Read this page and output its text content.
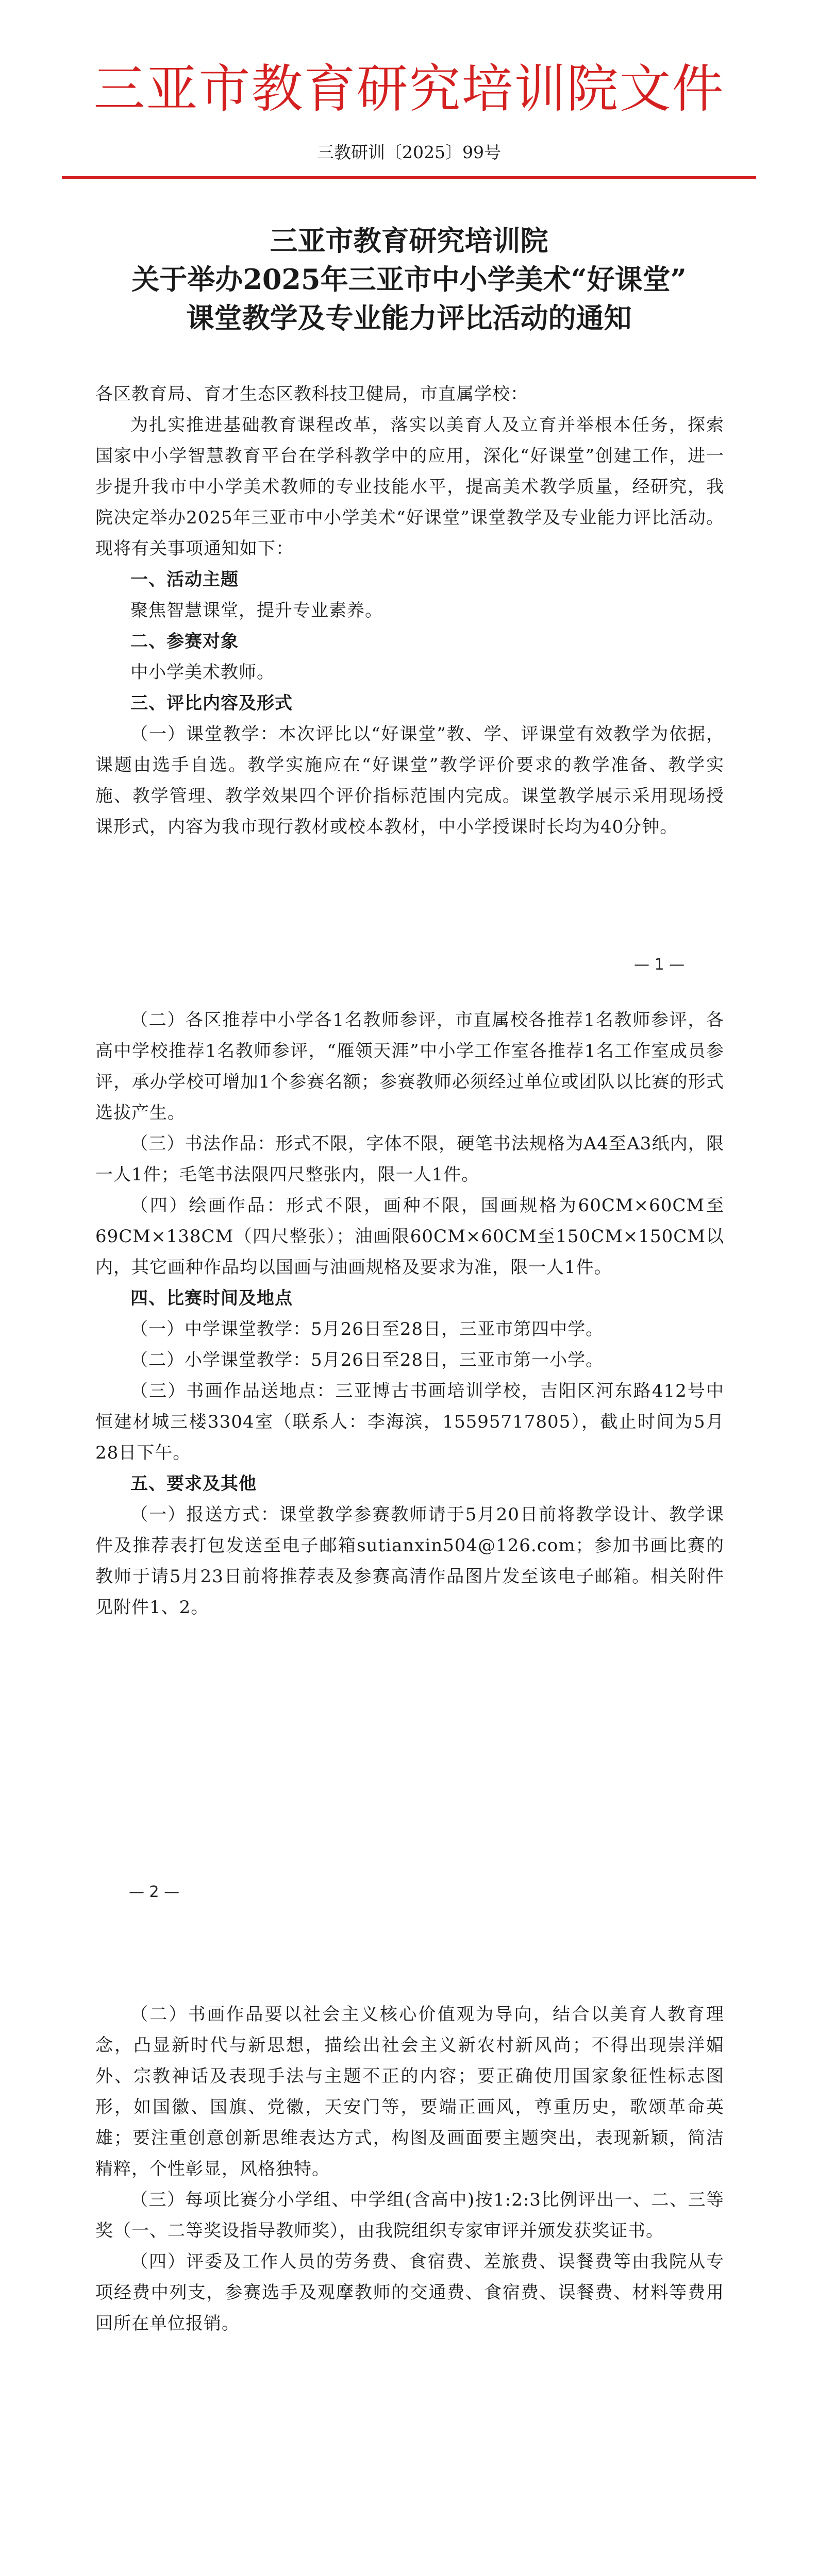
三亚市教育研究培训院文件
三教研训〔2025〕99号
三亚市教育研究培训院
关于举办2025年三亚市中小学美术“好课堂”
课堂教学及专业能力评比活动的通知

各区教育局、育才生态区教科技卫健局，市直属学校：

为扎实推进基础教育课程改革，落实以美育人及立育并举根本任务，探索国家中小学智慧教育平台在学科教学中的应用，深化“好课堂”创建工作，进一步提升我市中小学美术教师的专业技能水平，提高美术教学质量，经研究，我院决定举办2025年三亚市中小学美术“好课堂”课堂教学及专业能力评比活动。现将有关事项通知如下：

一、活动主题

聚焦智慧课堂，提升专业素养。

二、参赛对象

中小学美术教师。

三、评比内容及形式

（一）课堂教学：本次评比以“好课堂”教、学、评课堂有效教学为依据，课题由选手自选。教学实施应在“好课堂”教学评价要求的教学准备、教学实施、教学管理、教学效果四个评价指标范围内完成。课堂教学展示采用现场授课形式，内容为我市现行教材或校本教材，中小学授课时长均为40分钟。

— 1 —

（二）各区推荐中小学各1名教师参评，市直属校各推荐1名教师参评，各高中学校推荐1名教师参评，“雁领天涯”中小学工作室各推荐1名工作室成员参评，承办学校可增加1个参赛名额；参赛教师必须经过单位或团队以比赛的形式选拔产生。

（三）书法作品：形式不限，字体不限，硬笔书法规格为A4至A3纸内，限一人1件；毛笔书法限四尺整张内，限一人1件。

（四）绘画作品：形式不限，画种不限，国画规格为60CM×60CM至69CM×138CM（四尺整张）；油画限60CM×60CM至150CM×150CM以内，其它画种作品均以国画与油画规格及要求为准，限一人1件。

四、比赛时间及地点

（一）中学课堂教学：5月26日至28日，三亚市第四中学。

（二）小学课堂教学：5月26日至28日，三亚市第一小学。

（三）书画作品送地点：三亚博古书画培训学校，吉阳区河东路412号中恒建材城三楼3304室（联系人：李海滨，15595717805），截止时间为5月28日下午。

五、要求及其他

（一）报送方式：课堂教学参赛教师请于5月20日前将教学设计、教学课件及推荐表打包发送至电子邮箱sutianxin504@126.com；参加书画比赛的教师于请5月23日前将推荐表及参赛高清作品图片发至该电子邮箱。相关附件见附件1、2。

— 2 —

（二）书画作品要以社会主义核心价值观为导向，结合以美育人教育理念，凸显新时代与新思想，描绘出社会主义新农村新风尚；不得出现崇洋媚外、宗教神话及表现手法与主题不正的内容；要正确使用国家象征性标志图形，如国徽、国旗、党徽，天安门等，要端正画风，尊重历史，歌颂革命英雄；要注重创意创新思维表达方式，构图及画面要主题突出，表现新颖，简洁精粹，个性彰显，风格独特。

（三）每项比赛分小学组、中学组(含高中)按1:2:3比例评出一、二、三等奖（一、二等奖设指导教师奖），由我院组织专家审评并颁发获奖证书。

（四）评委及工作人员的劳务费、食宿费、差旅费、误餐费等由我院从专项经费中列支，参赛选手及观摩教师的交通费、食宿费、误餐费、材料等费用回所在单位报销。
